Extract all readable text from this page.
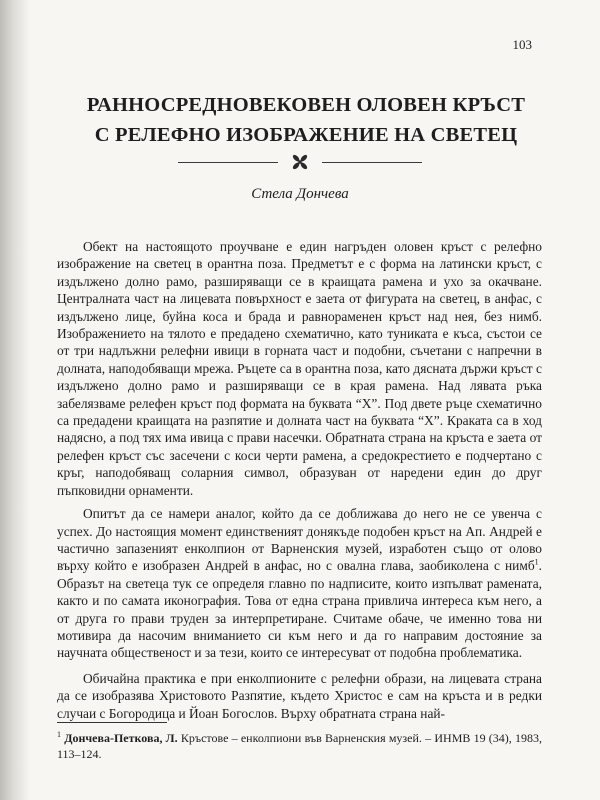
103
РАННОСРЕДНОВЕКОВЕН ОЛОВЕН КРЪСТ
С РЕЛЕФНО ИЗОБРАЖЕНИЕ НА СВЕТЕЦ
Стела Дончева

Обект на настоящото проучване е един нагръден оловен кръст с релефно изображение на светец в орантна поза. Предметът е с форма на латински кръст, с издължено долно рамо, разширяващи се в краищата рамена и ухо за окачване. Централната част на лицевата повърхност е заета от фигурата на светец, в анфас, с издължено лице, буйна коса и брада и равнораменен кръст над нея, без нимб. Изображението на тялото е предадено схематично, като туниката е къса, състои се от три надлъжни релефни ивици в горната част и подобни, съчетани с напречни в долната, наподобяващи мрежа. Ръцете са в орантна поза, като дясната държи кръст с издължено долно рамо и разширяващи се в края рамена. Над лявата ръка забелязваме релефен кръст под формата на буквата “Х”. Под двете ръце схематично са предадени краищата на разпятие и долната част на буквата “Х”. Краката са в ход надясно, а под тях има ивица с прави насечки. Обратната страна на кръста е заета от релефен кръст със засечени с коси черти рамена, а средокрестието е подчертано с кръг, наподобяващ соларния символ, образуван от наредени един до друг пъпковидни орнаменти.

Опитът да се намери аналог, който да се доближава до него не се увенча с успех. До настоящия момент единственият донякъде подобен кръст на Ап. Андрей е частично запазеният енколпион от Варненския музей, изработен също от олово върху който е изобразен Андрей в анфас, но с овална глава, заобиколена с нимб$^1$. Образът на светеца тук се определя главно по надписите, които изпълват рамената, както и по самата иконография. Това от една страна привлича интереса към него, а от друга го прави труден за интерпретиране. Считаме обаче, че именно това ни мотивира да насочим вниманието си към него и да го направим достояние за научната общественост и за тези, които се интересуват от подобна проблематика.

Обичайна практика е при енколпионите с релефни образи, на лицевата страна да се изобразява Христовото Разпятие, където Христос е сам на кръста и в редки случаи с Богородица и Йоан Богослов. Върху обратната страна най-

$^1$ Дончева-Петкова, Л. Кръстове – енколпиони във Варненския музей. – ИНМВ 19 (34), 1983, 113–124.
